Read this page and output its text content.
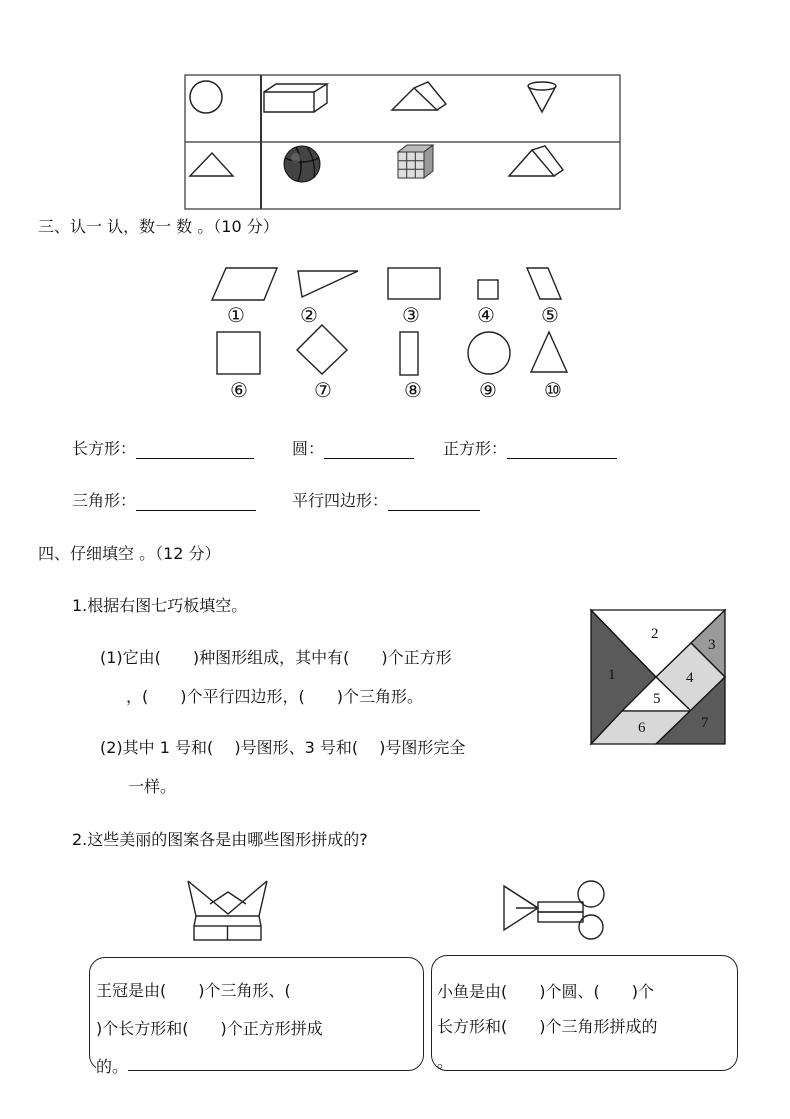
三、认一 认，数一 数 。（10 分）
①	②	③	④	⑤
⑥	⑦	⑧	⑨	⑩
长方形：	圆：	正方形：
三角形：	平行四边形：
四、仔细填空 。（12 分）
1.根据右图七巧板填空。
(1)它由(　　)种图形组成，其中有(　　)个正方形
，(　　)个平行四边形，(　　)个三角形。
(2)其中 1 号和(　 )号图形、3 号和(　 )号图形完全
一样。
1
2
3
4
5
6	7
2.这些美丽的图案各是由哪些图形拼成的?
王冠是由(　　)个三角形、(　　
)个长方形和(　　)个正方形拼成
的。
小鱼是由(　　)个圆、(　　)个
长方形和(　　)个三角形拼成的
。
